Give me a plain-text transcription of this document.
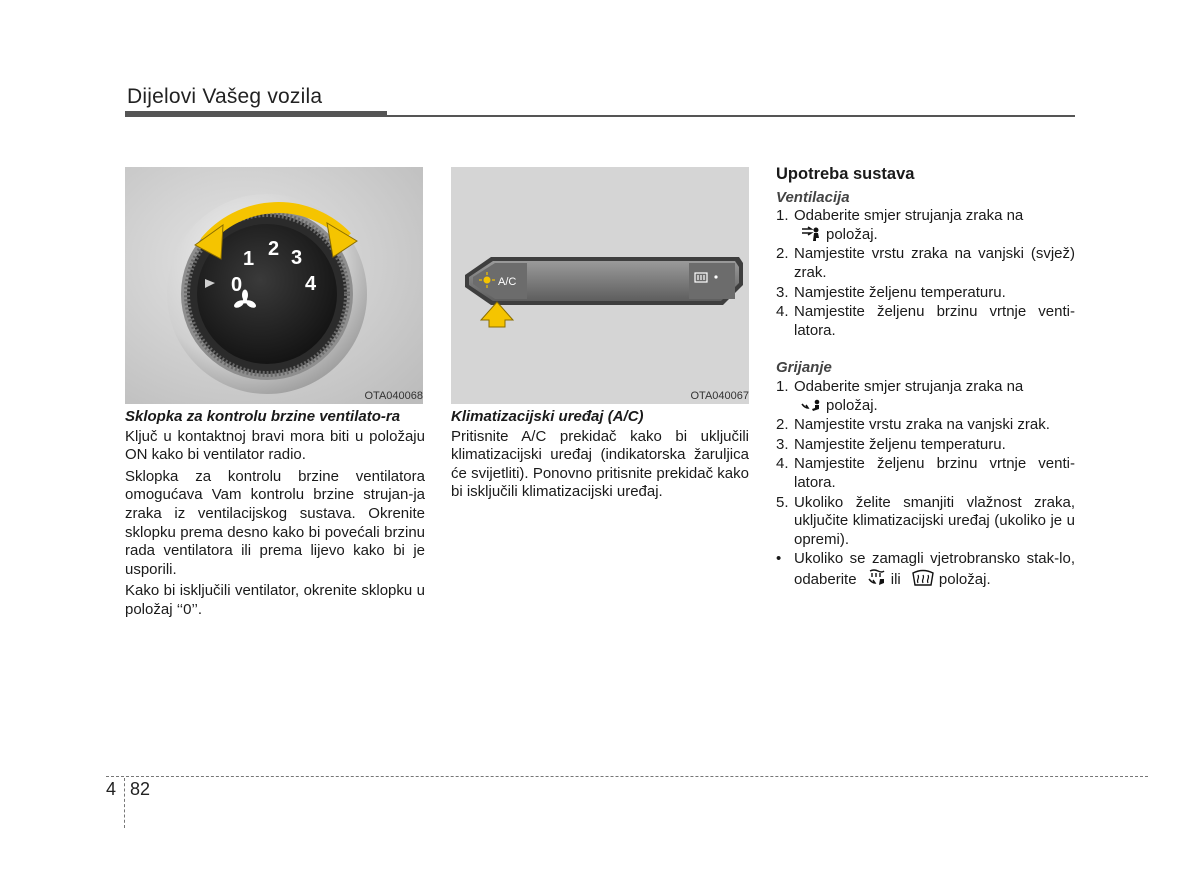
Dijelovi Vašeg vozila
0
1 2 3
4
OTA040068
A/C
OTA040067
Sklopka za kontrolu brzine ventilato-ra

Ključ u kontaktnoj bravi mora biti u položaju ON kako bi ventilator radio.

Sklopka za kontrolu brzine ventilatora omogućava Vam kontrolu brzine strujan-ja zraka iz ventilacijskog sustava. Okrenite sklopku prema desno kako bi povećali brzinu rada ventilatora ili prema lijevo kako bi je usporili.

Kako bi isključili ventilator, okrenite sklopku u položaj ‘‘0’’.

Klimatizacijski uređaj (A/C)

Pritisnite A/C prekidač kako bi uključili klimatizacijski uređaj (indikatorska žaruljica će svijetliti). Ponovno pritisnite prekidač kako bi isključili klimatizacijski uređaj.

Upotreba sustava
Ventilacija
1. Odaberite smjer strujanja zraka na
položaj.
2. Namjestite vrstu zraka na vanjski (svjež) zrak.
3. Namjestite željenu temperaturu.
4. Namjestite željenu brzinu vrtnje venti-latora.
Grijanje
1. Odaberite smjer strujanja zraka na
položaj.
2. Namjestite vrstu zraka na vanjski zrak.
3. Namjestite željenu temperaturu.
4. Namjestite željenu brzinu vrtnje venti-latora.
5. Ukoliko želite smanjiti vlažnost zraka, uključite klimatizacijski uređaj (ukoliko je u opremi).
• Ukoliko se zamagli vjetrobransko stak-lo, odaberite ili	položaj.
4 82
